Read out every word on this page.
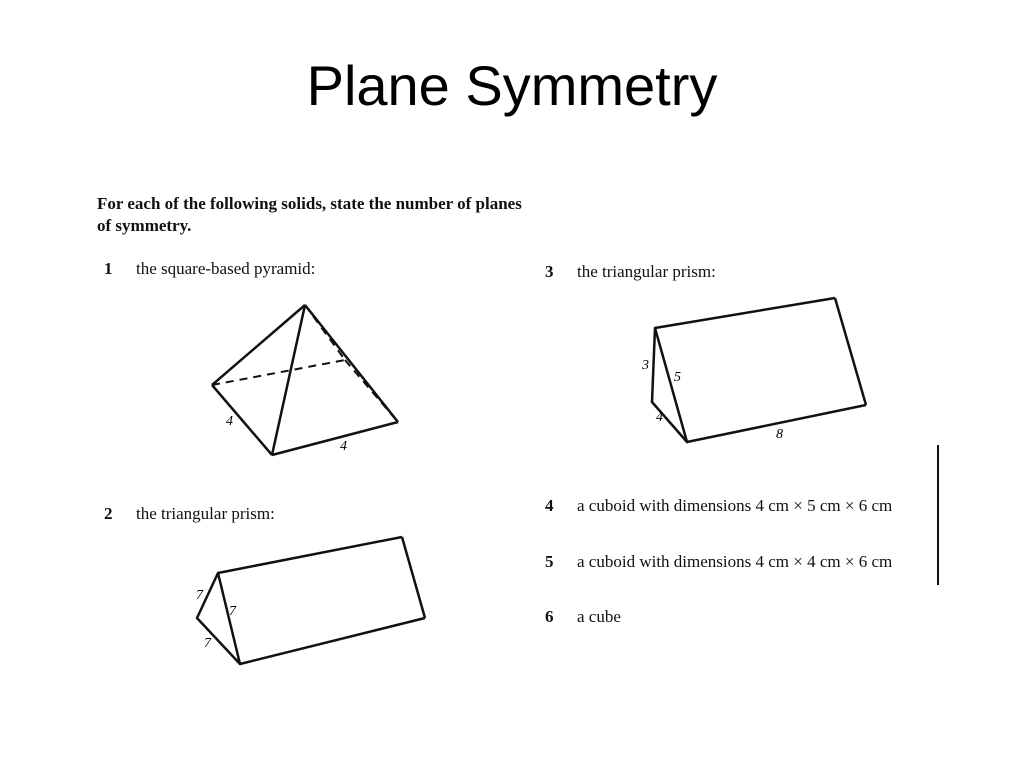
Plane Symmetry
For each of the following solids, state the number of planes of symmetry.
1 the square-based pyramid:
2 the triangular prism:
3 the triangular prism:
4 a cuboid with dimensions 4 cm × 5 cm × 6 cm
5 a cuboid with dimensions 4 cm × 4 cm × 6 cm
6 a cube
4
4
7
7
7
3
5
4
8
